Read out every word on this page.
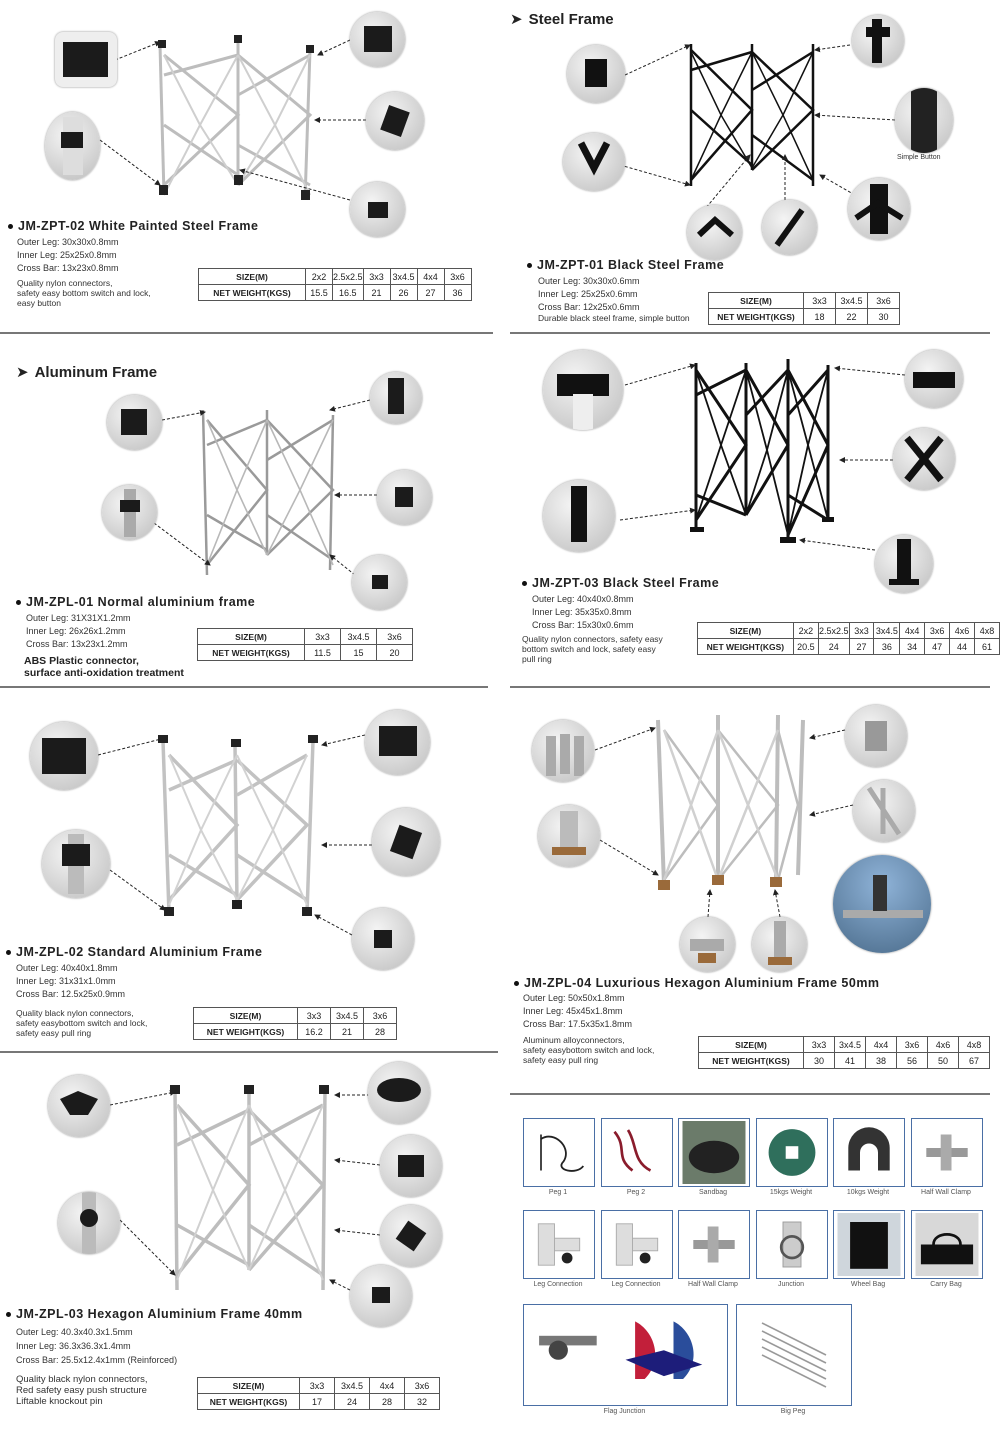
➤ Steel Frame
➤ Aluminum Frame
Simple Button
JM-ZPT-02 White Painted Steel Frame
Outer Leg: 30x30x0.8mm
Inner Leg: 25x25x0.8mm
Cross Bar: 13x23x0.8mm
Quality nylon connectors,
safety easy bottom switch and lock,
easy button
SIZE(M)	2x2	2.5x2.5	3x3	3x4.5	4x4	3x6
NET WEIGHT(KGS)	15.5	16.5	21	26	27	36
JM-ZPT-01 Black Steel Frame
Outer Leg: 30x30x0.6mm
Inner Leg: 25x25x0.6mm
Cross Bar: 12x25x0.6mm
Durable black steel frame, simple button
SIZE(M)	3x3	3x4.5	3x6
NET WEIGHT(KGS)	18	22	30
JM-ZPL-01 Normal aluminium frame
Outer Leg: 31X31X1.2mm
Inner Leg: 26x26x1.2mm
Cross Bar: 13x23x1.2mm
ABS Plastic connector,
surface anti-oxidation treatment
SIZE(M)	3x3	3x4.5	3x6
NET WEIGHT(KGS)	11.5	15	20
JM-ZPT-03 Black Steel Frame
Outer Leg: 40x40x0.8mm
Inner Leg: 35x35x0.8mm
Cross Bar: 15x30x0.6mm
Quality nylon connectors, safety easy
bottom switch and lock, safety easy
pull ring
SIZE(M)	2x2	2.5x2.5	3x3	3x4.5	4x4	3x6	4x6	4x8
NET WEIGHT(KGS)	20.5	24	27	36	34	47	44	61
JM-ZPL-02 Standard Aluminium Frame
Outer Leg: 40x40x1.8mm
Inner Leg: 31x31x1.0mm
Cross Bar: 12.5x25x0.9mm
Quality black nylon connectors,
safety easybottom switch and lock,
safety easy pull ring
SIZE(M)	3x3	3x4.5	3x6
NET WEIGHT(KGS)	16.2	21	28
JM-ZPL-04 Luxurious Hexagon Aluminium Frame 50mm
Outer Leg: 50x50x1.8mm
Inner Leg: 45x45x1.8mm
Cross Bar: 17.5x35x1.8mm
Aluminum alloyconnectors,
safety easybottom switch and lock,
safety easy pull ring
SIZE(M)	3x3	3x4.5	4x4	3x6	4x6	4x8
NET WEIGHT(KGS)	30	41	38	56	50	67
JM-ZPL-03 Hexagon Aluminium Frame 40mm
Outer Leg: 40.3x40.3x1.5mm
Inner Leg: 36.3x36.3x1.4mm
Cross Bar: 25.5x12.4x1mm (Reinforced)
Quality black nylon connectors,
Red safety easy push structure
Liftable knockout pin
SIZE(M)	3x3	3x4.5	4x4	3x6
NET WEIGHT(KGS)	17	24	28	32
Peg 1	Peg 2	Sandbag	15kgs Weight	10kgs Weight	Half Wall Clamp
Leg Connection	Leg Connection	Half Wall Clamp	Junction	Wheel Bag	Carry Bag
Flag Junction	Big Peg
